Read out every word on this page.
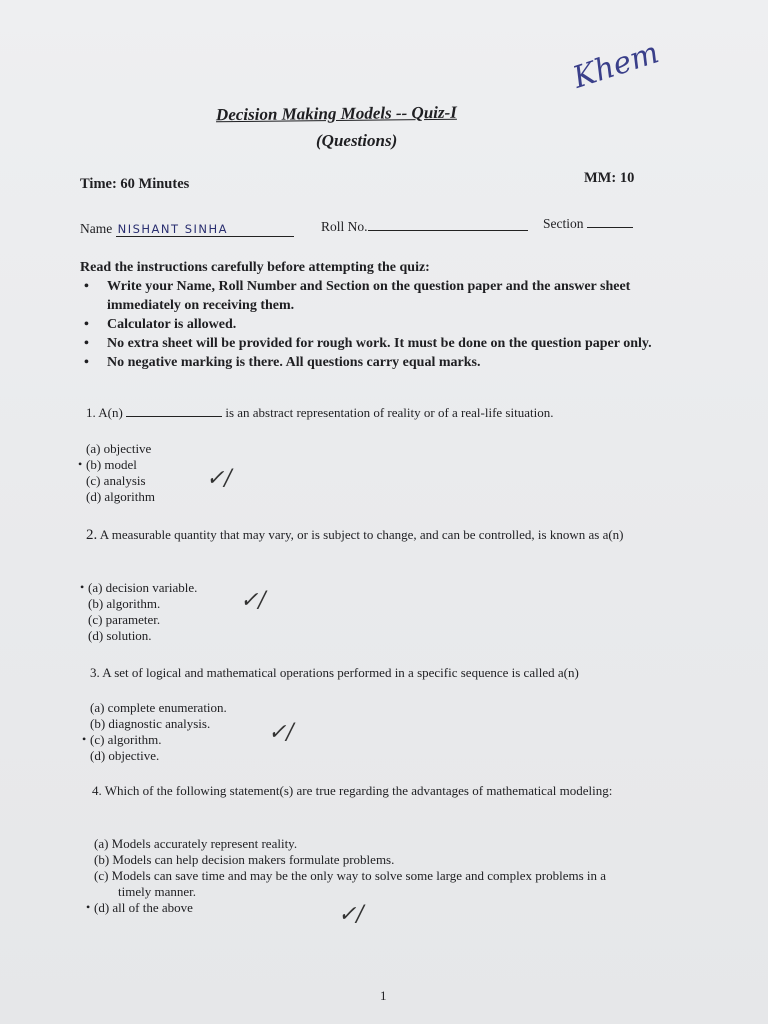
Khem
Decision Making Models -- Quiz-I
(Questions)
Time: 60 Minutes	MM: 10
Name NISHANT SINHA	Roll No.	Section
Read the instructions carefully before attempting the quiz:
• Write your Name, Roll Number and Section on the question paper and the answer sheet immediately on receiving them.
• Calculator is allowed.
• No extra sheet will be provided for rough work. It must be done on the question paper only.
• No negative marking is there. All questions carry equal marks.
1. A(n)	is an abstract representation of reality or of a real-life situation.
(a) objective
• (b) model
(c) analysis
(d) algorithm
✓/
2. A measurable quantity that may vary, or is subject to change, and can be controlled, is known as a(n)
• (a) decision variable.
(b) algorithm.
(c) parameter.
(d) solution.
✓/
3. A set of logical and mathematical operations performed in a specific sequence is called a(n)
(a) complete enumeration.
(b) diagnostic analysis.
• (c) algorithm.
(d) objective.
✓/
4. Which of the following statement(s) are true regarding the advantages of mathematical modeling:
(a) Models accurately represent reality.
(b) Models can help decision makers formulate problems.
(c) Models can save time and may be the only way to solve some large and complex problems in a timely manner.
• (d) all of the above	✓/
1
